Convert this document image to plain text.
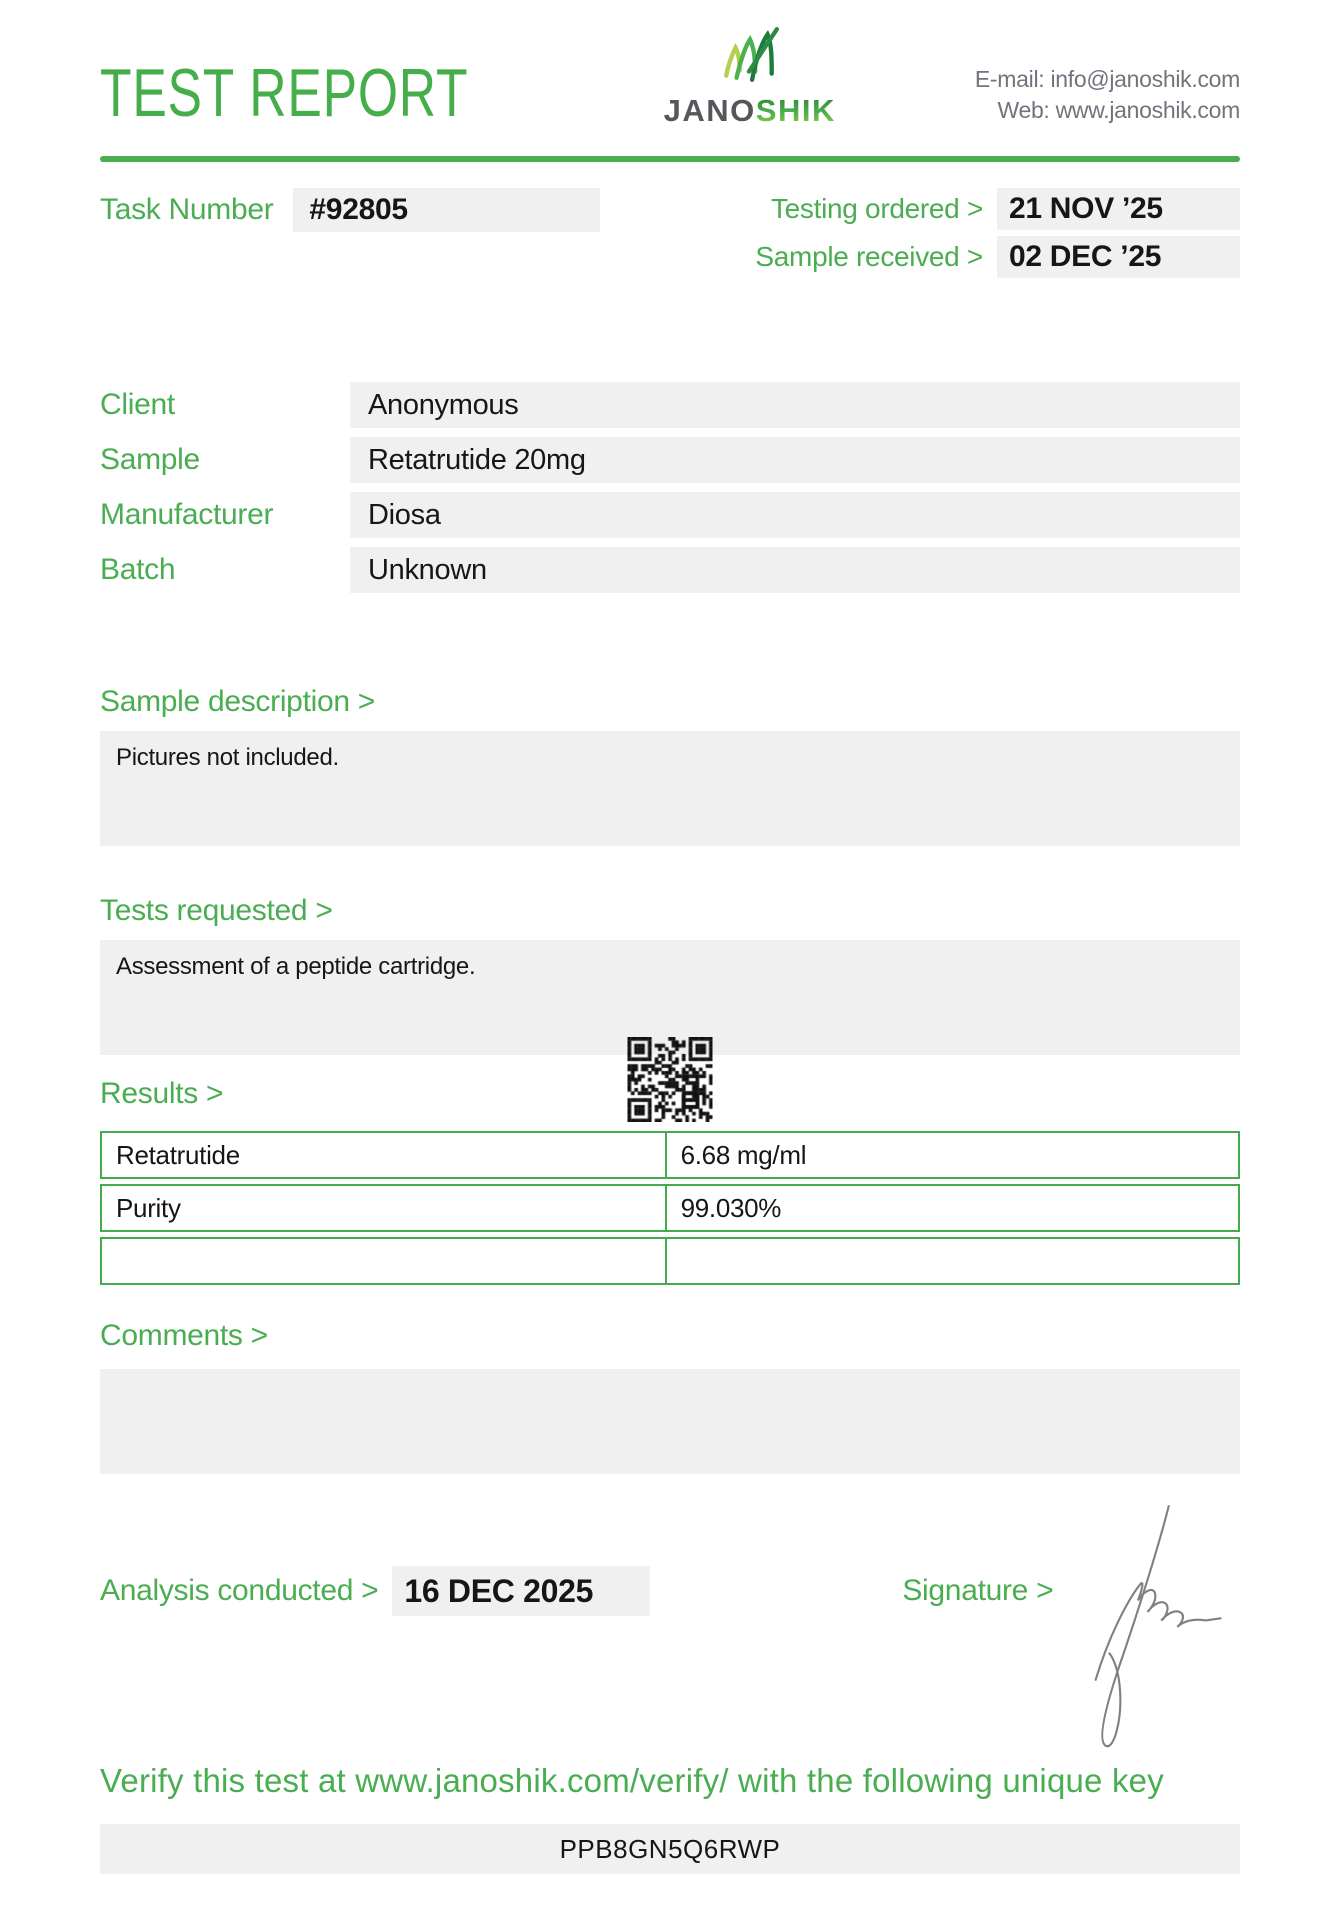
TEST REPORT	JANOSHIK
E-mail: info@janoshik.com
Web: www.janoshik.com
Task Number	#92805	Testing ordered > 21 NOV ’25
Sample received > 02 DEC ’25
Client	Anonymous
Sample	Retatrutide 20mg
Manufacturer	Diosa
Batch	Unknown
Sample description >
Pictures not included.
Tests requested >
Assessment of a peptide cartridge.
Results >
Retatrutide	6.68 mg/ml
Purity	99.030%
Comments >
Analysis conducted > 16 DEC 2025	Signature >
Verify this test at www.janoshik.com/verify/ with the following unique key
PPB8GN5Q6RWP
